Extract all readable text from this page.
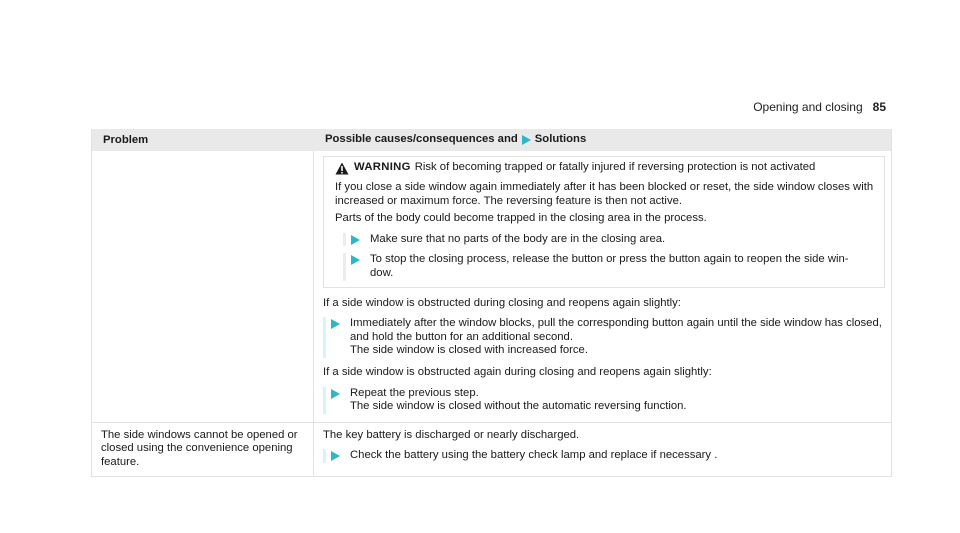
Opening and closing 85
Problem	Possible causes/consequences and Solutions
WARNING Risk of becoming trapped or fatally injured if reversing protection is not activated

If you close a side window again immediately after it has been blocked or reset, the side window closes with increased or maximum force. The reversing feature is then not active.

Parts of the body could become trapped in the closing area in the process.

Make sure that no parts of the body are in the closing area.
To stop the closing process, release the button or press the button again to reopen the side win- dow.

If a side window is obstructed during closing and reopens again slightly:

Immediately after the window blocks, pull the corresponding button again until the side window has closed, and hold the button for an additional second.

The side window is closed with increased force.

If a side window is obstructed again during closing and reopens again slightly:

Repeat the previous step.

The side window is closed without the automatic reversing function.

The side windows cannot be opened or closed using the convenience opening feature.

The key battery is discharged or nearly discharged.

Check the battery using the battery check lamp and replace if necessary .
